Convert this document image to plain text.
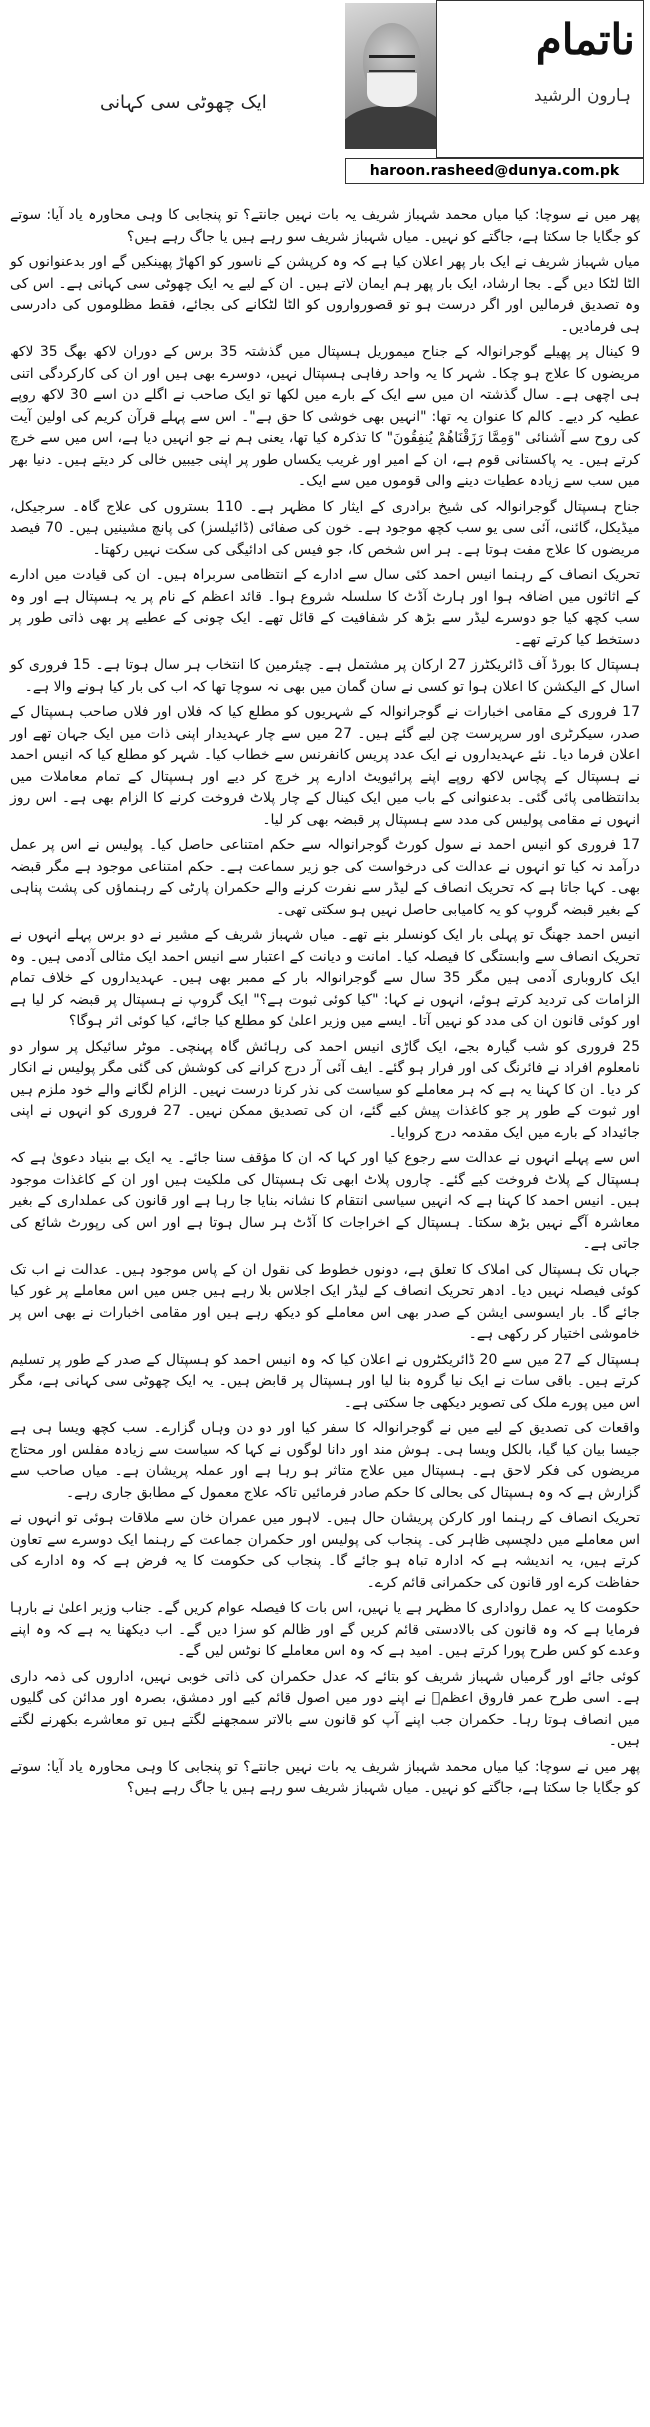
ایک چھوٹی سی کہانی
ناتمام
ہارون الرشید
haroon.rasheed@dunya.com.pk

پھر میں نے سوچا: کیا میاں محمد شہباز شریف یہ بات نہیں جانتے؟ تو پنجابی کا وہی محاورہ یاد آیا: سوتے کو جگایا جا سکتا ہے، جاگتے کو نہیں۔ میاں شہباز شریف سو رہے ہیں یا جاگ رہے ہیں؟

میاں شہباز شریف نے ایک بار پھر اعلان کیا ہے کہ وہ کرپشن کے ناسور کو اکھاڑ پھینکیں گے اور بدعنوانوں کو الٹا لٹکا دیں گے۔ بجا ارشاد، ایک بار پھر ہم ایمان لاتے ہیں۔ ان کے لیے یہ ایک چھوٹی سی کہانی ہے۔ اس کی وہ تصدیق فرمالیں اور اگر درست ہو تو قصورواروں کو الٹا لٹکانے کی بجائے، فقط مظلوموں کی دادرسی ہی فرمادیں۔

9 کینال پر پھیلے گوجرانوالہ کے جناح میموریل ہسپتال میں گذشتہ 35 برس کے دوران لاکھ بھگ 35 لاکھ مریضوں کا علاج ہو چکا۔ شہر کا یہ واحد رفاہی ہسپتال نہیں، دوسرے بھی ہیں اور ان کی کارکردگی اتنی ہی اچھی ہے۔ سال گذشتہ ان میں سے ایک کے بارے میں لکھا تو ایک صاحب نے اگلے دن اسے 30 لاکھ روپے عطیہ کر دیے۔ کالم کا عنوان یہ تھا: "انہیں بھی خوشی کا حق ہے"۔ اس سے پہلے قرآن کریم کی اولین آیت کی روح سے آشنائی "وَمِمَّا رَزَقْنَاهُمْ يُنفِقُونَ" کا تذکرہ کیا تھا، یعنی ہم نے جو انہیں دیا ہے، اس میں سے خرچ کرتے ہیں۔ یہ پاکستانی قوم ہے، ان کے امیر اور غریب یکساں طور پر اپنی جیبیں خالی کر دیتے ہیں۔ دنیا بھر میں سب سے زیادہ عطیات دینے والی قوموں میں سے ایک۔

جناح ہسپتال گوجرانوالہ کی شیخ برادری کے ایثار کا مظہر ہے۔ 110 بستروں کی علاج گاہ۔ سرجیکل، میڈیکل، گائنی، آئی سی یو سب کچھ موجود ہے۔ خون کی صفائی (ڈائیلسز) کی پانچ مشینیں ہیں۔ 70 فیصد مریضوں کا علاج مفت ہوتا ہے۔ ہر اس شخص کا، جو فیس کی ادائیگی کی سکت نہیں رکھتا۔

تحریک انصاف کے رہنما انیس احمد کئی سال سے ادارے کے انتظامی سربراہ ہیں۔ ان کی قیادت میں ادارے کے اثاثوں میں اضافہ ہوا اور ہارٹ آڈٹ کا سلسلہ شروع ہوا۔ قائد اعظم کے نام پر یہ ہسپتال ہے اور وہ سب کچھ کیا جو دوسرے لیڈر سے بڑھ کر شفافیت کے قائل تھے۔ ایک چونی کے عطیے پر بھی ذاتی طور پر دستخط کیا کرتے تھے۔

ہسپتال کا بورڈ آف ڈائریکٹرز 27 ارکان پر مشتمل ہے۔ چیئرمین کا انتخاب ہر سال ہوتا ہے۔ 15 فروری کو اسال کے الیکشن کا اعلان ہوا تو کسی نے سان گمان میں بھی نہ سوچا تھا کہ اب کی بار کیا ہونے والا ہے۔

17 فروری کے مقامی اخبارات نے گوجرانوالہ کے شہریوں کو مطلع کیا کہ فلاں اور فلاں صاحب ہسپتال کے صدر، سیکرٹری اور سرپرست چن لیے گئے ہیں۔ 27 میں سے چار عہدیدار اپنی ذات میں ایک جہان تھے اور اعلان فرما دیا۔ نئے عہدیداروں نے ایک عدد پریس کانفرنس سے خطاب کیا۔ شہر کو مطلع کیا کہ انیس احمد نے ہسپتال کے پچاس لاکھ روپے اپنے پرائیویٹ ادارے پر خرچ کر دیے اور ہسپتال کے تمام معاملات میں بدانتظامی پائی گئی۔ بدعنوانی کے باب میں ایک کینال کے چار پلاٹ فروخت کرنے کا الزام بھی ہے۔ اس روز انہوں نے مقامی پولیس کی مدد سے ہسپتال پر قبضہ بھی کر لیا۔

17 فروری کو انیس احمد نے سول کورٹ گوجرانوالہ سے حکم امتناعی حاصل کیا۔ پولیس نے اس پر عمل درآمد نہ کیا تو انہوں نے عدالت کی درخواست کی جو زیر سماعت ہے۔ حکم امتناعی موجود ہے مگر قبضہ بھی۔ کہا جاتا ہے کہ تحریک انصاف کے لیڈر سے نفرت کرنے والے حکمران پارٹی کے رہنماؤں کی پشت پناہی کے بغیر قبضہ گروپ کو یہ کامیابی حاصل نہیں ہو سکتی تھی۔

انیس احمد جھنگ تو پہلی بار ایک کونسلر بنے تھے۔ میاں شہباز شریف کے مشیر نے دو برس پہلے انہوں نے تحریک انصاف سے وابستگی کا فیصلہ کیا۔ امانت و دیانت کے اعتبار سے انیس احمد ایک مثالی آدمی ہیں۔ وہ ایک کاروباری آدمی ہیں مگر 35 سال سے گوجرانوالہ بار کے ممبر بھی ہیں۔ عہدیداروں کے خلاف تمام الزامات کی تردید کرتے ہوئے، انہوں نے کہا: "کیا کوئی ثبوت ہے؟" ایک گروپ نے ہسپتال پر قبضہ کر لیا ہے اور کوئی قانون ان کی مدد کو نہیں آتا۔ ایسے میں وزیر اعلیٰ کو مطلع کیا جائے، کیا کوئی اثر ہوگا؟

25 فروری کو شب گیارہ بجے، ایک گاڑی انیس احمد کی رہائش گاہ پہنچی۔ موٹر سائیکل پر سوار دو نامعلوم افراد نے فائرنگ کی اور فرار ہو گئے۔ ایف آئی آر درج کرانے کی کوشش کی گئی مگر پولیس نے انکار کر دیا۔ ان کا کہنا یہ ہے کہ ہر معاملے کو سیاست کی نذر کرنا درست نہیں۔ الزام لگانے والے خود ملزم ہیں اور ثبوت کے طور پر جو کاغذات پیش کیے گئے، ان کی تصدیق ممکن نہیں۔ 27 فروری کو انہوں نے اپنی جائیداد کے بارے میں ایک مقدمہ درج کروایا۔

اس سے پہلے انہوں نے عدالت سے رجوع کیا اور کہا کہ ان کا مؤقف سنا جائے۔ یہ ایک بے بنیاد دعویٰ ہے کہ ہسپتال کے پلاٹ فروخت کیے گئے۔ چاروں پلاٹ ابھی تک ہسپتال کی ملکیت ہیں اور ان کے کاغذات موجود ہیں۔ انیس احمد کا کہنا ہے کہ انہیں سیاسی انتقام کا نشانہ بنایا جا رہا ہے اور قانون کی عملداری کے بغیر معاشرہ آگے نہیں بڑھ سکتا۔ ہسپتال کے اخراجات کا آڈٹ ہر سال ہوتا ہے اور اس کی رپورٹ شائع کی جاتی ہے۔

جہاں تک ہسپتال کی املاک کا تعلق ہے، دونوں خطوط کی نقول ان کے پاس موجود ہیں۔ عدالت نے اب تک کوئی فیصلہ نہیں دیا۔ ادھر تحریک انصاف کے لیڈر ایک اجلاس بلا رہے ہیں جس میں اس معاملے پر غور کیا جائے گا۔ بار ایسوسی ایشن کے صدر بھی اس معاملے کو دیکھ رہے ہیں اور مقامی اخبارات نے بھی اس پر خاموشی اختیار کر رکھی ہے۔

ہسپتال کے 27 میں سے 20 ڈائریکٹروں نے اعلان کیا کہ وہ انیس احمد کو ہسپتال کے صدر کے طور پر تسلیم کرتے ہیں۔ باقی سات نے ایک نیا گروہ بنا لیا اور ہسپتال پر قابض ہیں۔ یہ ایک چھوٹی سی کہانی ہے، مگر اس میں پورے ملک کی تصویر دیکھی جا سکتی ہے۔

واقعات کی تصدیق کے لیے میں نے گوجرانوالہ کا سفر کیا اور دو دن وہاں گزارے۔ سب کچھ ویسا ہی ہے جیسا بیان کیا گیا، بالکل ویسا ہی۔ ہوش مند اور دانا لوگوں نے کہا کہ سیاست سے زیادہ مفلس اور محتاج مریضوں کی فکر لاحق ہے۔ ہسپتال میں علاج متاثر ہو رہا ہے اور عملہ پریشان ہے۔ میاں صاحب سے گزارش ہے کہ وہ ہسپتال کی بحالی کا حکم صادر فرمائیں تاکہ علاج معمول کے مطابق جاری رہے۔

تحریک انصاف کے رہنما اور کارکن پریشان حال ہیں۔ لاہور میں عمران خان سے ملاقات ہوئی تو انہوں نے اس معاملے میں دلچسپی ظاہر کی۔ پنجاب کی پولیس اور حکمران جماعت کے رہنما ایک دوسرے سے تعاون کرتے ہیں، یہ اندیشہ ہے کہ ادارہ تباہ ہو جائے گا۔ پنجاب کی حکومت کا یہ فرض ہے کہ وہ ادارے کی حفاظت کرے اور قانون کی حکمرانی قائم کرے۔

حکومت کا یہ عمل رواداری کا مظہر ہے یا نہیں، اس بات کا فیصلہ عوام کریں گے۔ جناب وزیر اعلیٰ نے بارہا فرمایا ہے کہ وہ قانون کی بالادستی قائم کریں گے اور ظالم کو سزا دیں گے۔ اب دیکھنا یہ ہے کہ وہ اپنے وعدے کو کس طرح پورا کرتے ہیں۔ امید ہے کہ وہ اس معاملے کا نوٹس لیں گے۔

کوئی جائے اور گرمیاں شہباز شریف کو بتائے کہ عدل حکمران کی ذاتی خوبی نہیں، اداروں کی ذمہ داری ہے۔ اسی طرح عمر فاروق اعظمؓ نے اپنے دور میں اصول قائم کیے اور دمشق، بصرہ اور مدائن کی گلیوں میں انصاف ہوتا رہا۔ حکمران جب اپنے آپ کو قانون سے بالاتر سمجھنے لگتے ہیں تو معاشرے بکھرنے لگتے ہیں۔

پھر میں نے سوچا: کیا میاں محمد شہباز شریف یہ بات نہیں جانتے؟ تو پنجابی کا وہی محاورہ یاد آیا: سوتے کو جگایا جا سکتا ہے، جاگتے کو نہیں۔ میاں شہباز شریف سو رہے ہیں یا جاگ رہے ہیں؟
